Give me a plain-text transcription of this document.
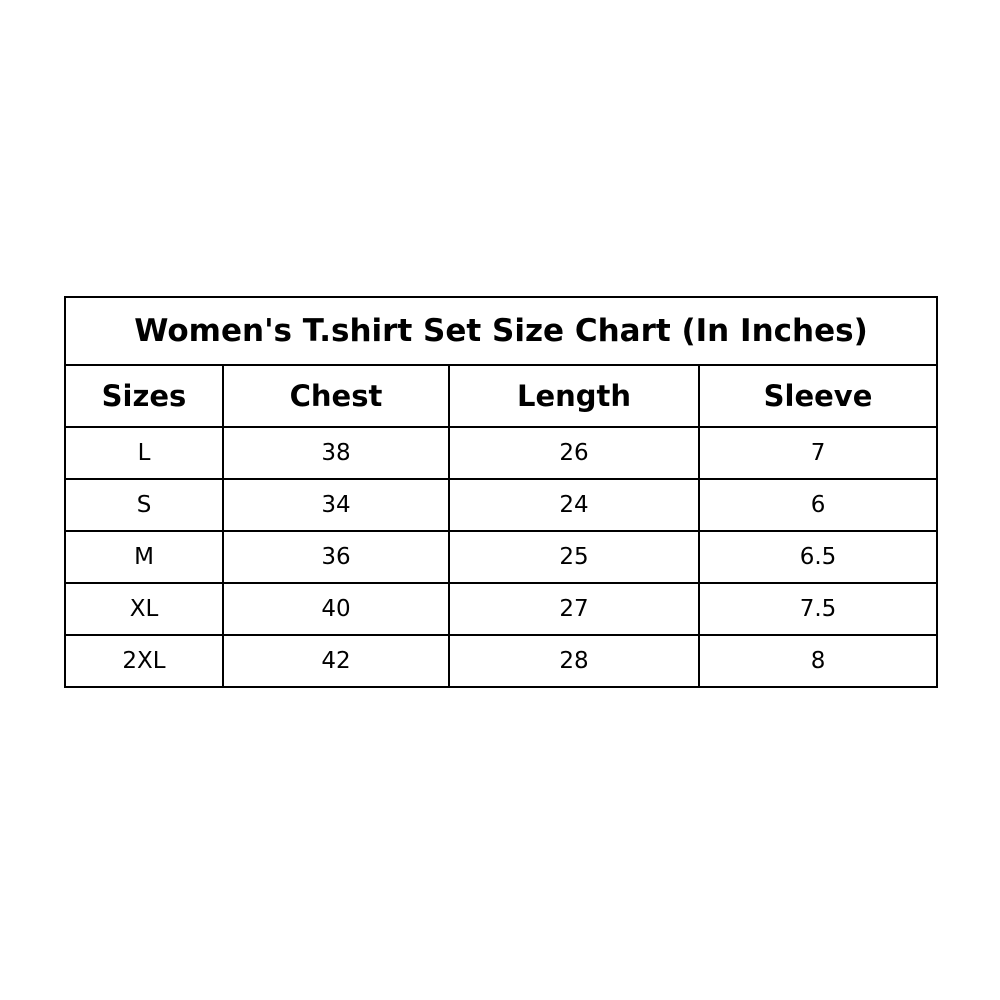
Women's T.shirt Set Size Chart (In Inches)			
Sizes	Chest	Length	Sleeve
L	38	26	7
S	34	24	6
M	36	25	6.5
XL	40	27	7.5
2XL	42	28	8
